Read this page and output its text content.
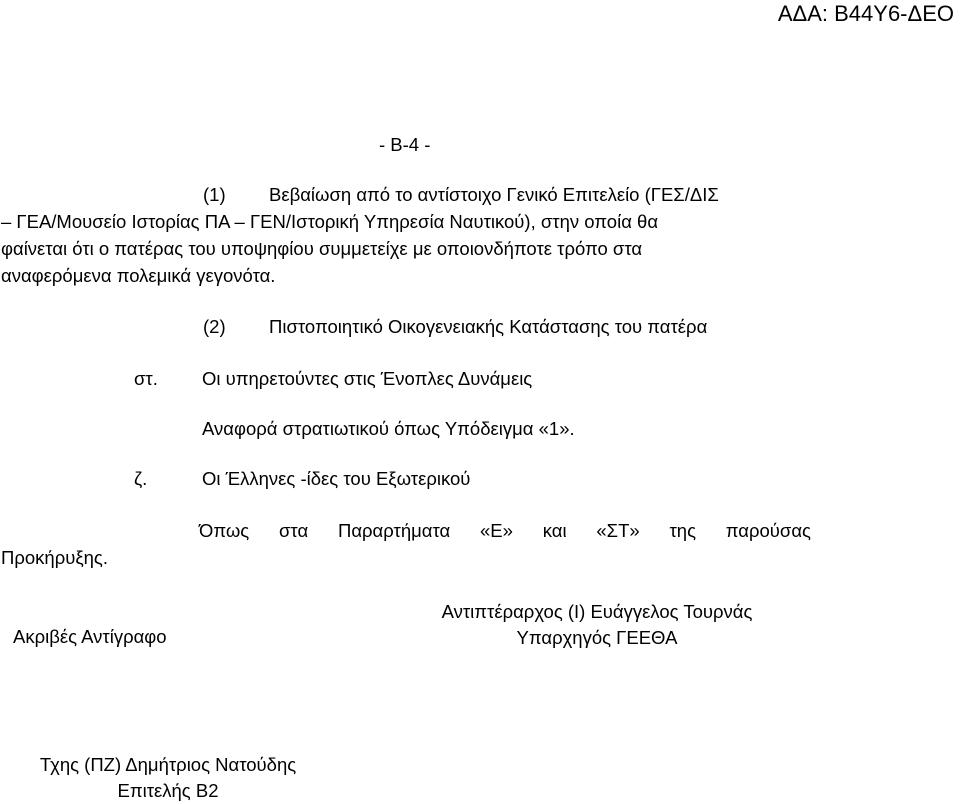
ΑΔΑ: Β44Υ6-ΔΕΟ
- Β-4 -
(1) Βεβαίωση από το αντίστοιχο Γενικό Επιτελείο (ΓΕΣ/ΔΙΣ
– ΓΕΑ/Μουσείο Ιστορίας ΠΑ – ΓΕΝ/Ιστορική Υπηρεσία Ναυτικού), στην οποία θα
φαίνεται ότι ο πατέρας του υποψηφίου συμμετείχε με οποιονδήποτε τρόπο στα
αναφερόμενα πολεμικά γεγονότα.
(2) Πιστοποιητικό Οικογενειακής Κατάστασης του πατέρα
στ. Οι υπηρετούντες στις Ένοπλες Δυνάμεις
Αναφορά στρατιωτικού όπως Υπόδειγμα «1».
ζ.	Οι Έλληνες -ίδες του Εξωτερικού
Όπως στα Παραρτήματα «Ε» και «ΣΤ» της παρούσας
Προκήρυξης.
Ακριβές Αντίγραφο
Αντιπτέραρχος (Ι) Ευάγγελος Τουρνάς
Υπαρχηγός ΓΕΕΘΑ
Τχης (ΠΖ) Δημήτριος Νατούδης
Επιτελής Β2
